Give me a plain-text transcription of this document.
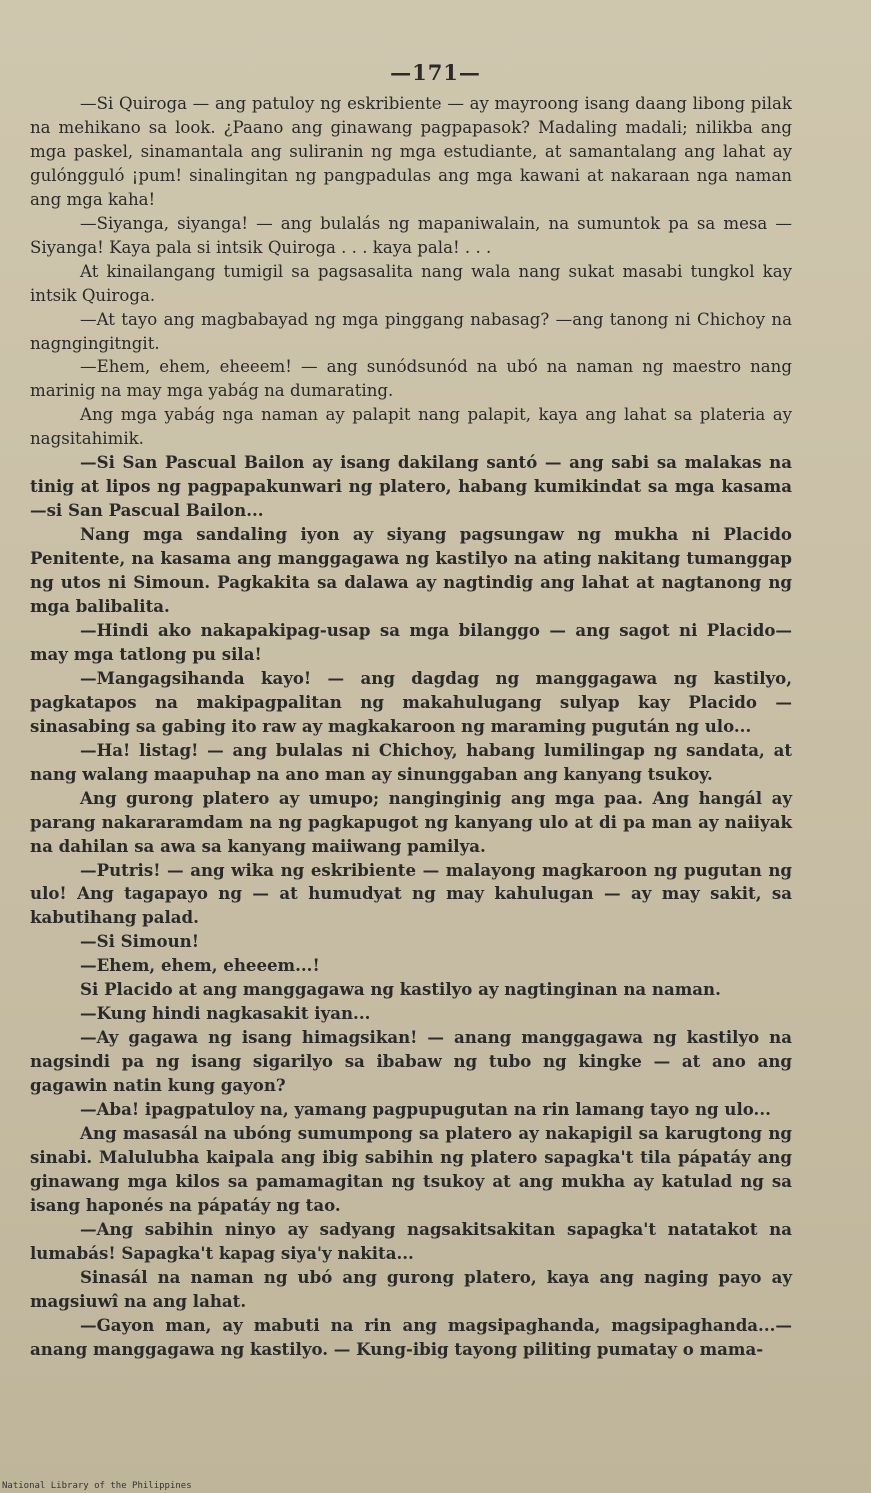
—171—

—Si Quiroga — ang patuloy ng eskribiente — ay mayroong isang daang libong pilak na mehikano sa look. ¿Paano ang ginawang pagpapasok? Madaling madali; nilikba ang mga paskel, sinamantala ang suliranin ng mga estudiante, at samantalang ang lahat ay gulóngguló ¡pum! sinalingitan ng pangpadulas ang mga kawani at nakaraan nga naman ang mga kaha!

—Siyanga, siyanga! — ang bulalás ng mapaniwalain, na sumuntok pa sa mesa — Siyanga! Kaya pala si intsik Quiroga . . . kaya pala! . . .

At kinailangang tumigil sa pagsasalita nang wala nang sukat masabi tungkol kay intsik Quiroga.

—At tayo ang magbabayad ng mga pinggang nabasag? —ang tanong ni Chichoy na nagngingitngit.

—Ehem, ehem, eheeem! — ang sunódsunód na ubó na naman ng maestro nang marinig na may mga yabág na dumarating.

Ang mga yabág nga naman ay palapit nang palapit, kaya ang lahat sa plateria ay nagsitahimik.

—Si San Pascual Bailon ay isang dakilang santó — ang sabi sa malakas na tinig at lipos ng pagpapakunwari ng platero, habang kumikindat sa mga kasama —si San Pascual Bailon...

Nang mga sandaling iyon ay siyang pagsungaw ng mukha ni Placido Penitente, na kasama ang manggagawa ng kastilyo na ating nakitang tumanggap ng utos ni Simoun. Pagkakita sa dalawa ay nagtindig ang lahat at nagtanong ng mga balibalita.

—Hindi ako nakapakipag-usap sa mga bilanggo — ang sagot ni Placido— may mga tatlong pu sila!

—Mangagsihanda kayo! — ang dagdag ng manggagawa ng kastilyo, pagkatapos na makipagpalitan ng makahulugang sulyap kay Placido — sinasabing sa gabing ito raw ay magkakaroon ng maraming pugután ng ulo...

—Ha! listag! — ang bulalas ni Chichoy, habang lumilingap ng sandata, at nang walang maapuhap na ano man ay sinunggaban ang kanyang tsukoy.

Ang gurong platero ay umupo; nanginginig ang mga paa. Ang hangál ay parang nakararamdam na ng pagkapugot ng kanyang ulo at di pa man ay naiiyak na dahilan sa awa sa kanyang maiiwang pamilya.

—Putris! — ang wika ng eskribiente — malayong magkaroon ng pugutan ng ulo! Ang tagapayo ng — at humudyat ng may kahulugan — ay may sakit, sa kabutihang palad.

—Si Simoun!

—Ehem, ehem, eheeem...!

Si Placido at ang manggagawa ng kastilyo ay nagtinginan na naman.

—Kung hindi nagkasakit iyan...

—Ay gagawa ng isang himagsikan! — anang manggagawa ng kastilyo na nagsindi pa ng isang sigarilyo sa ibabaw ng tubo ng kingke — at ano ang gagawin natin kung gayon?

—Aba! ipagpatuloy na, yamang pagpupugutan na rin lamang tayo ng ulo...

Ang masasál na ubóng sumumpong sa platero ay nakapigil sa karugtong ng sinabi. Malulubha kaipala ang ibig sabihin ng platero sapagka't tila pápatáy ang ginawang mga kilos sa pamamagitan ng tsukoy at ang mukha ay katulad ng sa isang haponés na pápatáy ng tao.

—Ang sabihin ninyo ay sadyang nagsakitsakitan sapagka't natatakot na lumabás! Sapagka't kapag siya'y nakita...

Sinasál na naman ng ubó ang gurong platero, kaya ang naging payo ay magsiuwî na ang lahat.

—Gayon man, ay mabuti na rin ang magsipaghanda, magsipaghanda...— anang manggagawa ng kastilyo. — Kung-ibig tayong piliting pumatay o mama-

National Library of the Philippines
